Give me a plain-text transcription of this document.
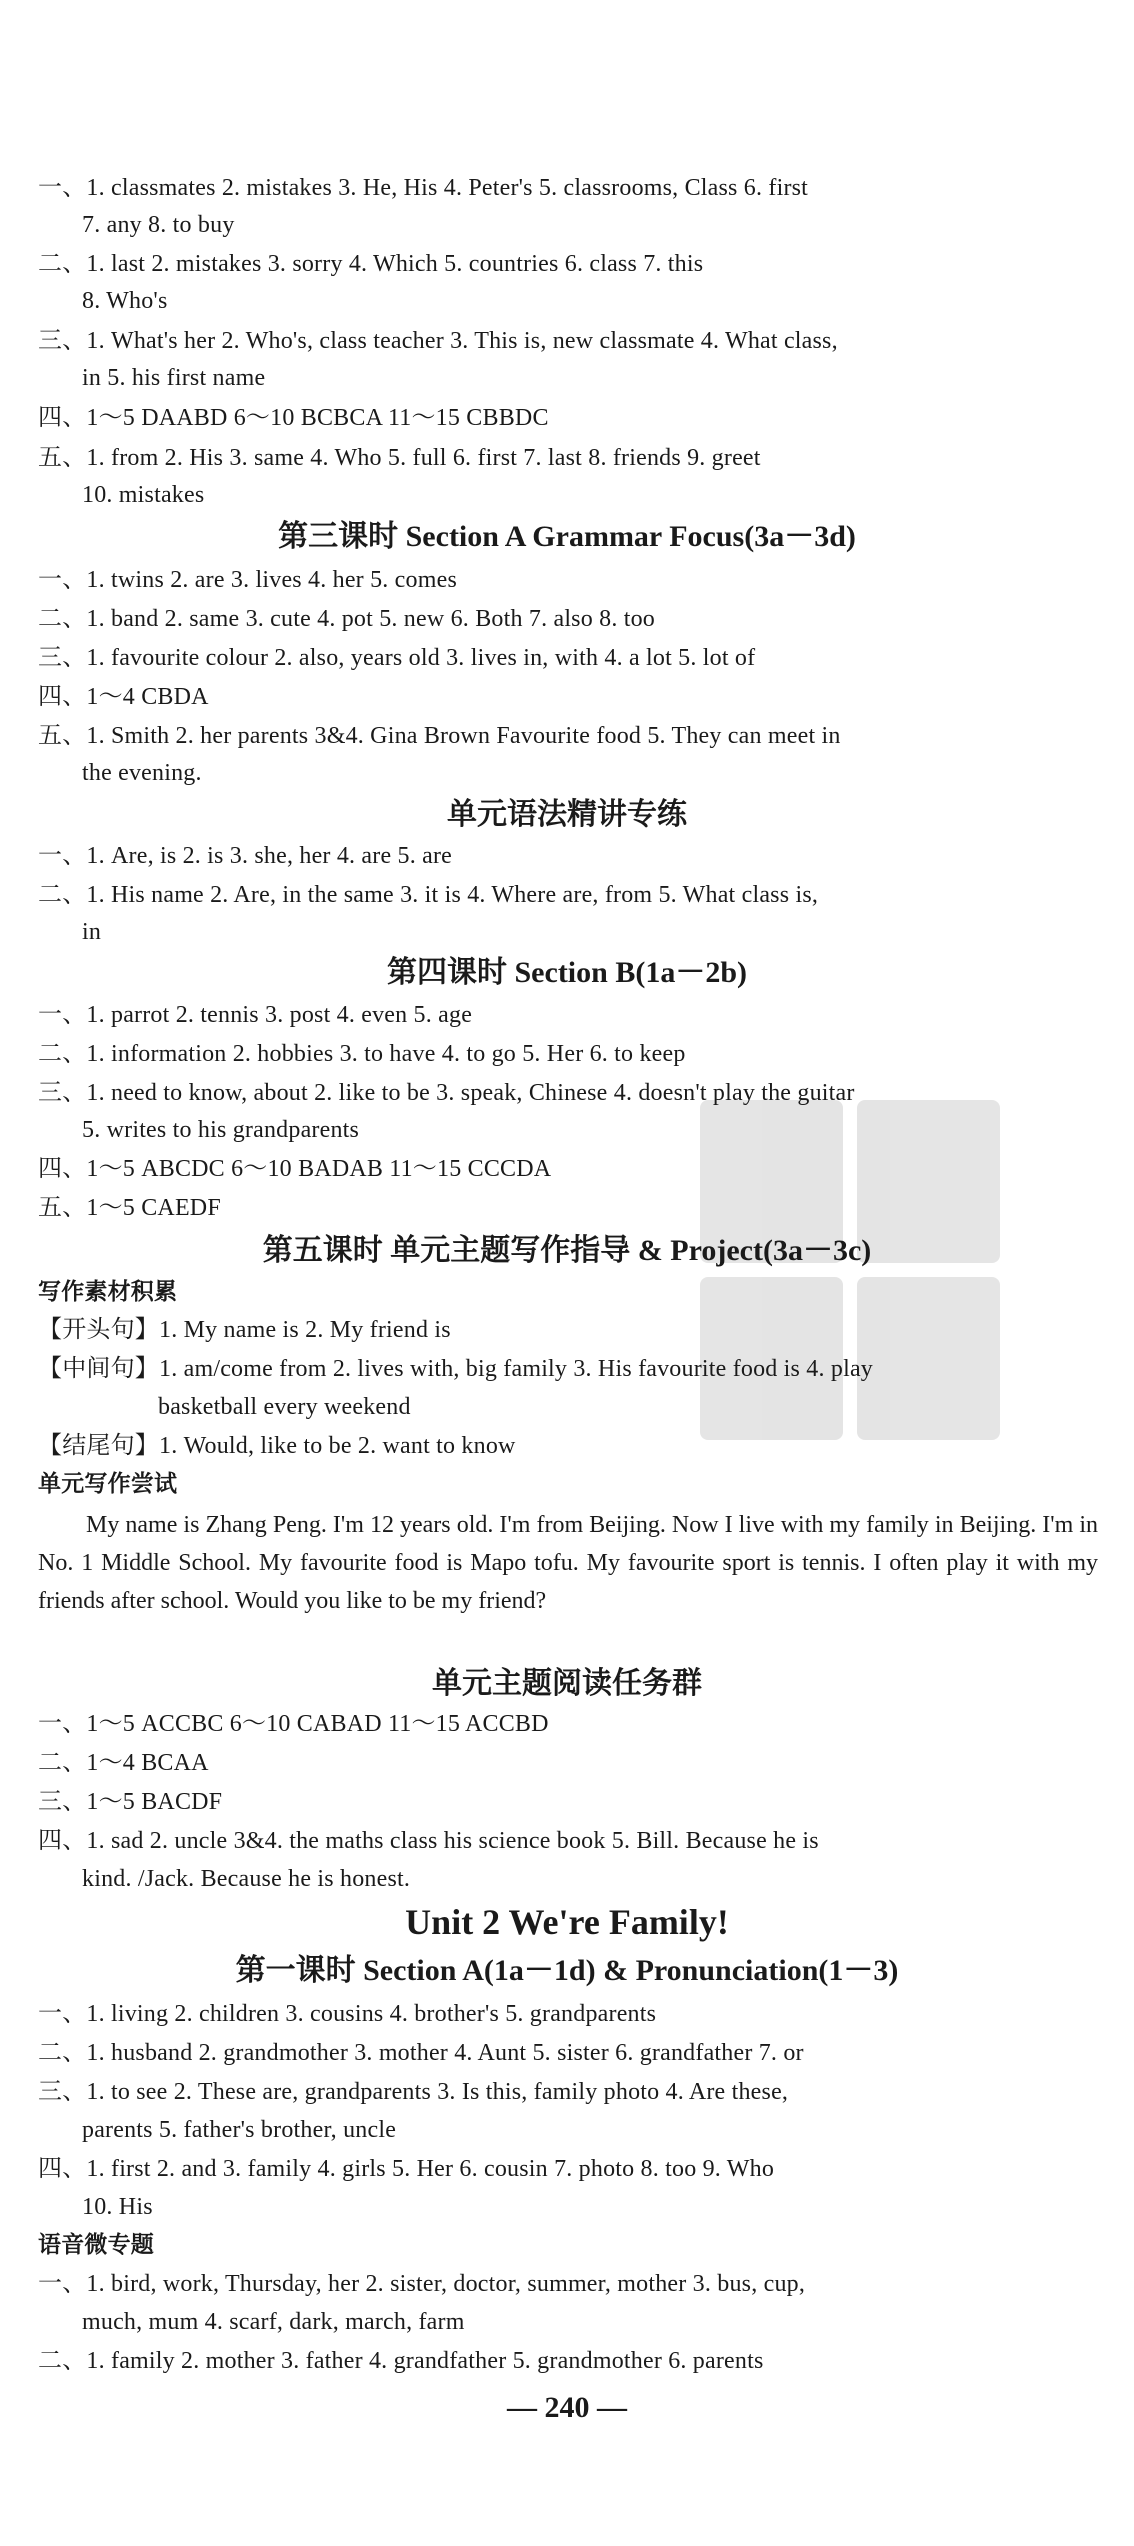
一、1. classmates 2. mistakes 3. He, His 4. Peter's 5. classrooms, Class 6. first
7. any 8. to buy
二、1. last 2. mistakes 3. sorry 4. Which 5. countries 6. class 7. this
8. Who's
三、1. What's her 2. Who's, class teacher 3. This is, new classmate 4. What class,
in 5. his first name
四、1～5 DAABD 6～10 BCBCA 11～15 CBBDC
五、1. from 2. His 3. same 4. Who 5. full 6. first 7. last 8. friends 9. greet
10. mistakes
第三课时 Section A Grammar Focus(3a－3d)
一、1. twins 2. are 3. lives 4. her 5. comes
二、1. band 2. same 3. cute 4. pot 5. new 6. Both 7. also 8. too
三、1. favourite colour 2. also, years old 3. lives in, with 4. a lot 5. lot of
四、1～4 CBDA
五、1. Smith 2. her parents 3&4. Gina Brown Favourite food 5. They can meet in
the evening.
单元语法精讲专练
一、1. Are, is 2. is 3. she, her 4. are 5. are
二、1. His name 2. Are, in the same 3. it is 4. Where are, from 5. What class is,
in
第四课时 Section B(1a－2b)
一、1. parrot 2. tennis 3. post 4. even 5. age
二、1. information 2. hobbies 3. to have 4. to go 5. Her 6. to keep
三、1. need to know, about 2. like to be 3. speak, Chinese 4. doesn't play the guitar
5. writes to his grandparents
四、1～5 ABCDC 6～10 BADAB 11～15 CCCDA
五、1～5 CAEDF
第五课时 单元主题写作指导 & Project(3a－3c)
写作素材积累
【开头句】1. My name is 2. My friend is
【中间句】1. am/come from 2. lives with, big family 3. His favourite food is 4. play
basketball every weekend
【结尾句】1. Would, like to be 2. want to know
单元写作尝试

My name is Zhang Peng. I'm 12 years old. I'm from Beijing. Now I live with my family in Beijing. I'm in No. 1 Middle School. My favourite food is Mapo tofu. My favourite sport is tennis. I often play it with my friends after school. Would you like to be my friend?

单元主题阅读任务群
一、1～5 ACCBC 6～10 CABAD 11～15 ACCBD
二、1～4 BCAA
三、1～5 BACDF
四、1. sad 2. uncle 3&4. the maths class his science book 5. Bill. Because he is
kind. /Jack. Because he is honest.
Unit 2 We're Family!
第一课时 Section A(1a－1d) & Pronunciation(1－3)
一、1. living 2. children 3. cousins 4. brother's 5. grandparents
二、1. husband 2. grandmother 3. mother 4. Aunt 5. sister 6. grandfather 7. or
三、1. to see 2. These are, grandparents 3. Is this, family photo 4. Are these,
parents 5. father's brother, uncle
四、1. first 2. and 3. family 4. girls 5. Her 6. cousin 7. photo 8. too 9. Who
10. His
语音微专题
一、1. bird, work, Thursday, her 2. sister, doctor, summer, mother 3. bus, cup,
much, mum 4. scarf, dark, march, farm
二、1. family 2. mother 3. father 4. grandfather 5. grandmother 6. parents
— 240 —
